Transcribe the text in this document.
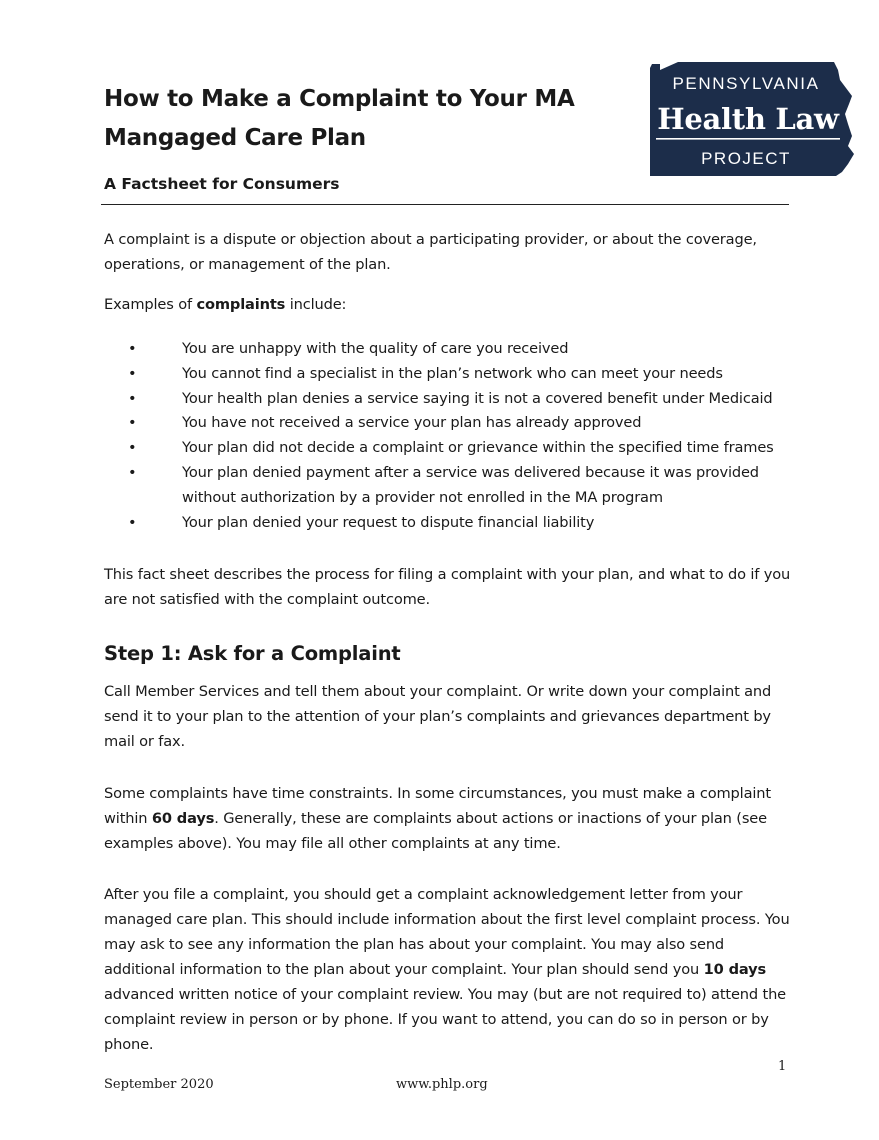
How to Make a Complaint to Your MA Mangaged Care Plan

A Factsheet for Consumers

PENNSYLVANIA
Health Law
PROJECT

A complaint is a dispute or objection about a participating provider, or about the coverage, operations, or management of the plan.

Examples of complaints include:

•	You are unhappy with the quality of care you received
•	You cannot find a specialist in the plan’s network who can meet your needs
•	Your health plan denies a service saying it is not a covered benefit under Medicaid
•	You have not received a service your plan has already approved
•	Your plan did not decide a complaint or grievance within the specified time frames
•	Your plan denied payment after a service was delivered because it was provided without authorization by a provider not enrolled in the MA program
•	Your plan denied your request to dispute financial liability

This fact sheet describes the process for filing a complaint with your plan, and what to do if you are not satisfied with the complaint outcome.

Step 1: Ask for a Complaint

Call Member Services and tell them about your complaint. Or write down your complaint and send it to your plan to the attention of your plan’s complaints and grievances department by mail or fax.

Some complaints have time constraints. In some circumstances, you must make a complaint within 60 days. Generally, these are complaints about actions or inactions of your plan (see examples above). You may file all other complaints at any time.

After you file a complaint, you should get a complaint acknowledgement letter from your managed care plan. This should include information about the first level complaint process. You may ask to see any information the plan has about your complaint. You may also send additional information to the plan about your complaint. Your plan should send you 10 days advanced written notice of your complaint review. You may (but are not required to) attend the complaint review in person or by phone. If you want to attend, you can do so in person or by phone.

1
September 2020	www.phlp.org
